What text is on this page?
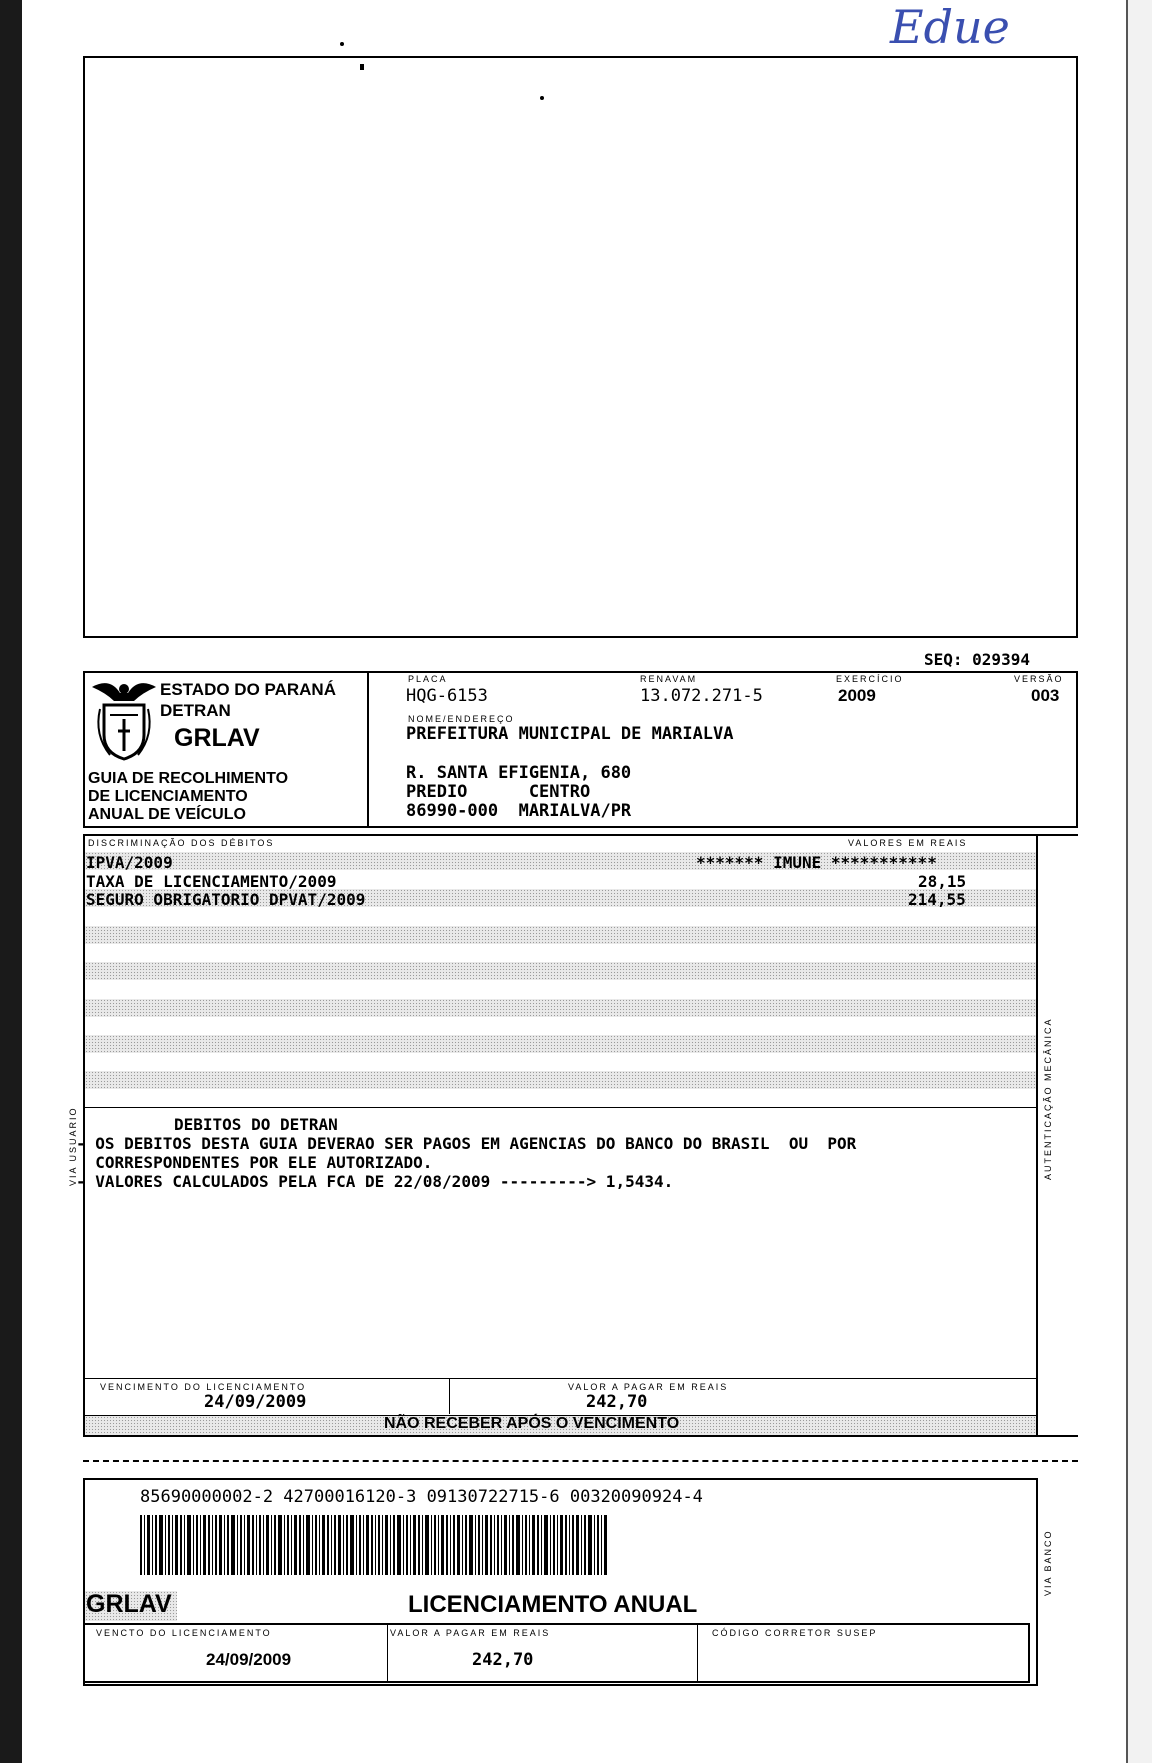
Edue
SEQ: 029394
ESTADO DO PARANÁ
DETRAN
GRLAV
GUIA DE RECOLHIMENTO
DE LICENCIAMENTO
ANUAL DE VEÍCULO
PLACA
HQG-6153
RENAVAM
13.072.271-5
EXERCÍCIO
2009
VERSÃO
003
NOME/ENDEREÇO
PREFEITURA MUNICIPAL DE MARIALVA
R. SANTA EFIGENIA, 680
PREDIO      CENTRO
86990-000  MARIALVA/PR
DISCRIMINAÇÃO DOS DÉBITOS	VALORES EM REAIS
IPVA/2009	******* IMUNE ***********
TAXA DE LICENCIAMENTO/2009	28,15
SEGURO OBRIGATORIO DPVAT/2009	214,55
VIA USUARIO	AUTENTICAÇÃO MECÂNICA
DEBITOS DO DETRAN
- OS DEBITOS DESTA GUIA DEVERAO SER PAGOS EM AGENCIAS DO BANCO DO BRASIL  OU  POR
CORRESPONDENTES POR ELE AUTORIZADO.
- VALORES CALCULADOS PELA FCA DE 22/08/2009 ---------> 1,5434.
VENCIMENTO DO LICENCIAMENTO
24/09/2009
VALOR A PAGAR EM REAIS
242,70
NÃO RECEBER APÓS O VENCIMENTO
85690000002-2 42700016120-3 09130722715-6 00320090924-4
VIA BANCO
GRLAV	LICENCIAMENTO ANUAL
VENCTO DO LICENCIAMENTO
24/09/2009
VALOR A PAGAR EM REAIS
242,70
CÓDIGO CORRETOR SUSEP
